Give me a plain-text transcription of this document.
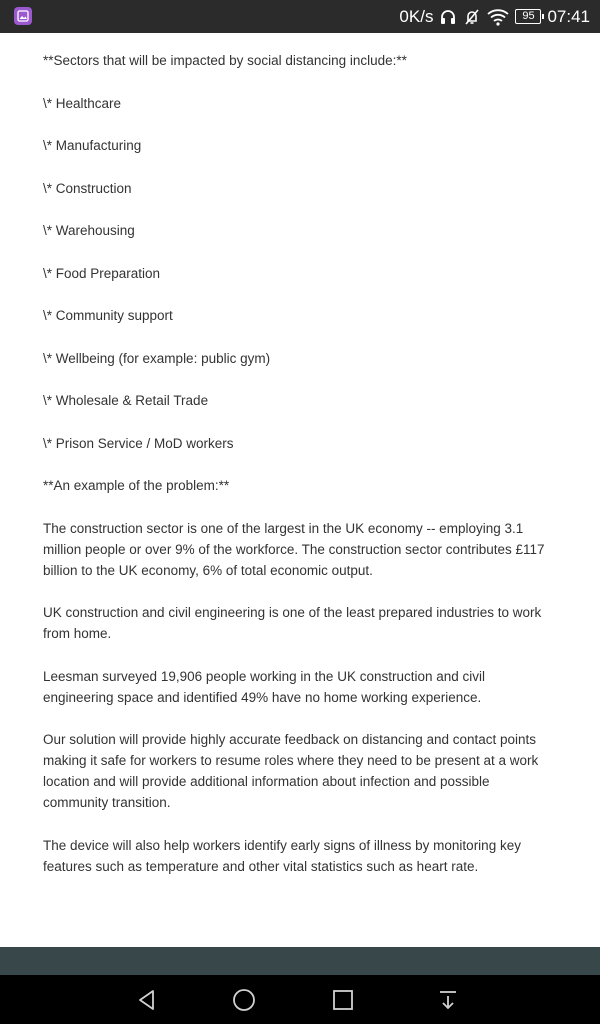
0K/s	95 07:41

**Sectors that will be impacted by social distancing include:**

\* Healthcare

\* Manufacturing

\* Construction

\* Warehousing

\* Food Preparation

\* Community support

\* Wellbeing (for example: public gym)

\* Wholesale & Retail Trade

\* Prison Service / MoD workers

**An example of the problem:**

The construction sector is one of the largest in the UK economy -- employing 3.1 million people or over 9% of the workforce. The construction sector contributes £117 billion to the UK economy, 6% of total economic output.

UK construction and civil engineering is one of the least prepared industries to work from home.

Leesman surveyed 19,906 people working in the UK construction and civil engineering space and identified 49% have no home working experience.

Our solution will provide highly accurate feedback on distancing and contact points making it safe for workers to resume roles where they need to be present at a work location and will provide additional information about infection and possible community transition.

The device will also help workers identify early signs of illness by monitoring key features such as temperature and other vital statistics such as heart rate.
